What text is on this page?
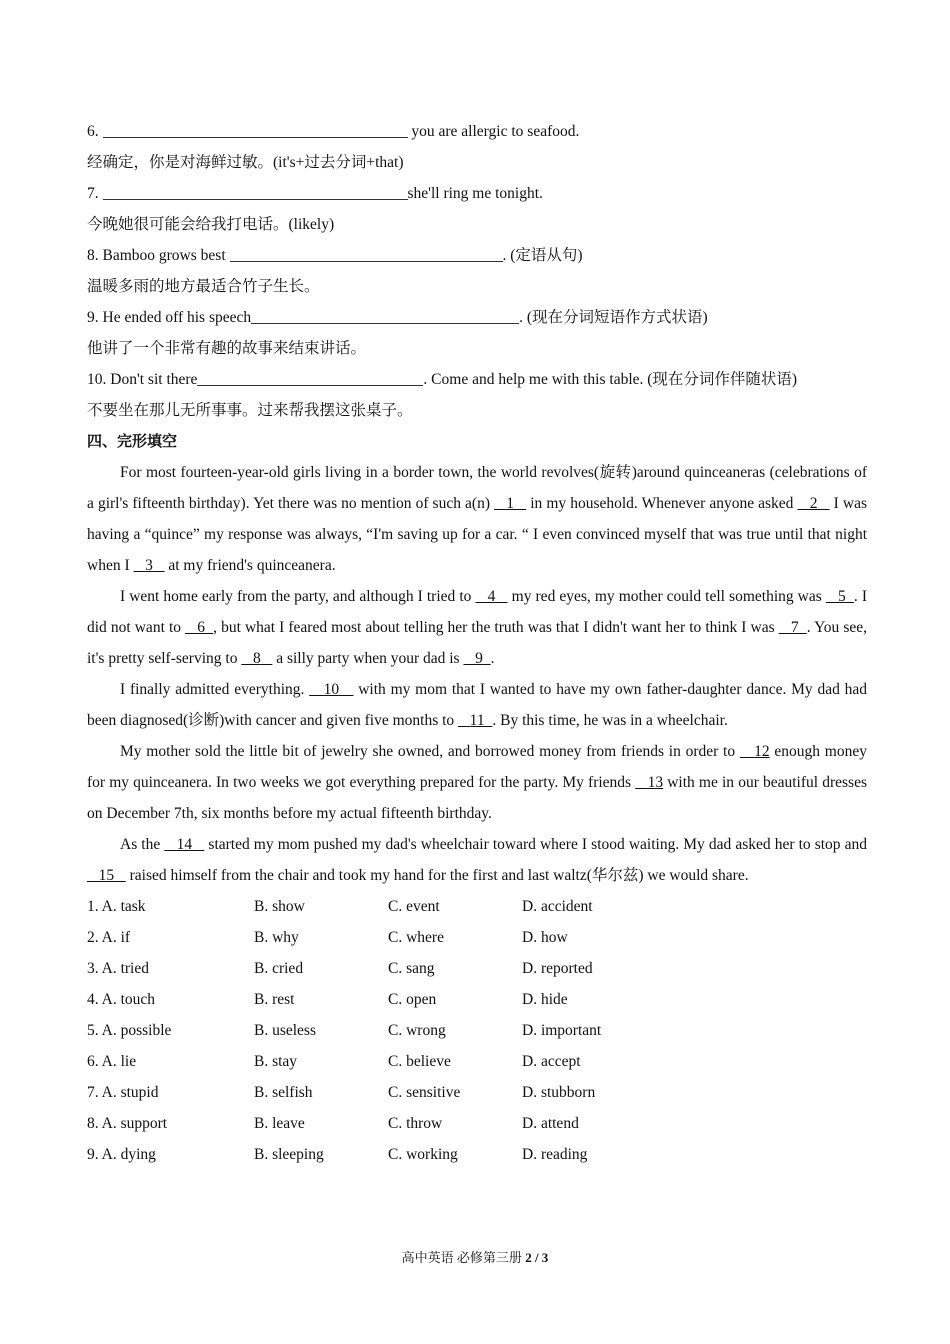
6.	you are allergic to seafood.
经确定，你是对海鲜过敏。(it's+过去分词+that)
7.	she'll ring me tonight.
今晚她很可能会给我打电话。(likely)
8. Bamboo grows best	. (定语从句)
温暖多雨的地方最适合竹子生长。
9. He ended off his speech	. (现在分词短语作方式状语)
他讲了一个非常有趣的故事来结束讲话。
10. Don't sit there	. Come and help me with this table. (现在分词作伴随状语)
不要坐在那儿无所事事。过来帮我摆这张桌子。
四、完形填空

For most fourteen-year-old girls living in a border town, the world revolves(旋转)around quinceaneras (celebrations of a girl's fifteenth birthday). Yet there was no mention of such a(n)    1    in my household. Whenever anyone asked    2    I was having a “quince” my response was always, “I'm saving up for a car. “ I even convinced myself that was true until that night when I    3    at my friend's quinceanera.

I went home early from the party, and although I tried to    4    my red eyes, my mother could tell something was    5 . I did not want to    6 , but what I feared most about telling her the truth was that I didn't want her to think I was    7 . You see, it's pretty self-serving to    8    a silly party when your dad is    9 .

I finally admitted everything.    10    with my mom that I wanted to have my own father-daughter dance. My dad had been diagnosed(诊断)with cancer and given five months to    11 . By this time, he was in a wheelchair.

My mother sold the little bit of jewelry she owned, and borrowed money from friends in order to    12 enough money for my quinceanera. In two weeks we got everything prepared for the party. My friends    13 with me in our beautiful dresses on December 7th, six months before my actual fifteenth birthday.

As the    14    started my mom pushed my dad's wheelchair toward where I stood waiting. My dad asked her to stop and    15    raised himself from the chair and took my hand for the first and last waltz(华尔兹) we would share.

1. A. task	B. show	C. event	D. accident
2. A. if	B. why	C. where	D. how
3. A. tried	B. cried	C. sang	D. reported
4. A. touch	B. rest	C. open	D. hide
5. A. possible	B. useless	C. wrong	D. important
6. A. lie	B. stay	C. believe	D. accept
7. A. stupid	B. selfish	C. sensitive	D. stubborn
8. A. support	B. leave	C. throw	D. attend
9. A. dying	B. sleeping	C. working	D. reading
高中英语 必修第三册 2 / 3
